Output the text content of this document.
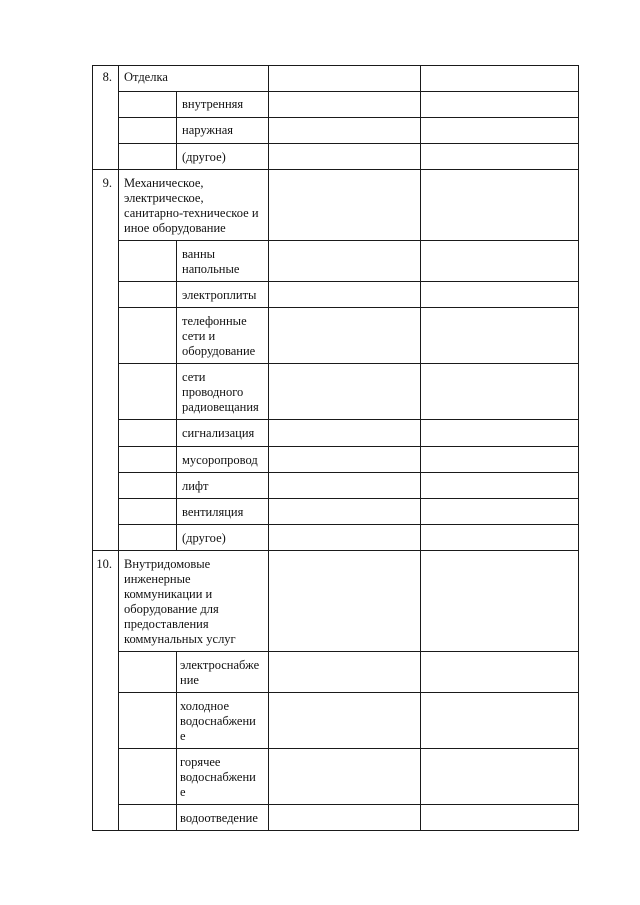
8. Отделка
внутренняя
наружная
(другое)
9. Механическое,
электрическое,
санитарно-техническое и
иное оборудование
ванны
напольные
электроплиты
телефонные
сети и
оборудование
сети
проводного
радиовещания
сигнализация
мусоропровод
лифт
вентиляция
(другое)
10. Внутридомовые
инженерные
коммуникации и
оборудование для
предоставления
коммунальных услуг
электроснабже
ние
холодное
водоснабжени
е
горячее
водоснабжени
е
водоотведение
